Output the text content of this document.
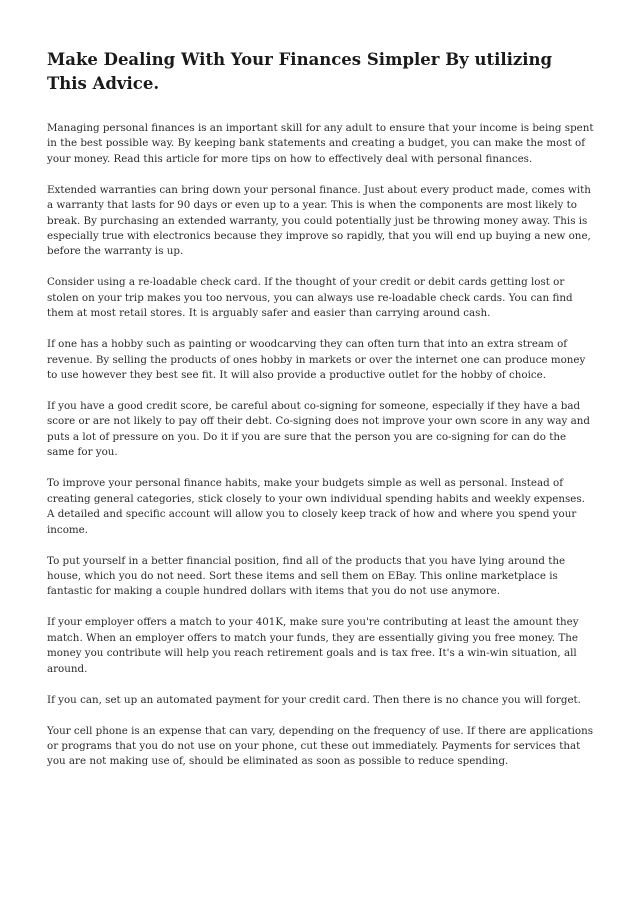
Make Dealing With Your Finances Simpler By utilizing This Advice.

Managing personal finances is an important skill for any adult to ensure that your income is being spent in the best possible way. By keeping bank statements and creating a budget, you can make the most of your money. Read this article for more tips on how to effectively deal with personal finances.

Extended warranties can bring down your personal finance. Just about every product made, comes with a warranty that lasts for 90 days or even up to a year. This is when the components are most likely to break. By purchasing an extended warranty, you could potentially just be throwing money away. This is especially true with electronics because they improve so rapidly, that you will end up buying a new one, before the warranty is up.

Consider using a re-loadable check card. If the thought of your credit or debit cards getting lost or stolen on your trip makes you too nervous, you can always use re-loadable check cards. You can find them at most retail stores. It is arguably safer and easier than carrying around cash.

If one has a hobby such as painting or woodcarving they can often turn that into an extra stream of revenue. By selling the products of ones hobby in markets or over the internet one can produce money to use however they best see fit. It will also provide a productive outlet for the hobby of choice.

If you have a good credit score, be careful about co-signing for someone, especially if they have a bad score or are not likely to pay off their debt. Co-signing does not improve your own score in any way and puts a lot of pressure on you. Do it if you are sure that the person you are co-signing for can do the same for you.

To improve your personal finance habits, make your budgets simple as well as personal. Instead of creating general categories, stick closely to your own individual spending habits and weekly expenses. A detailed and specific account will allow you to closely keep track of how and where you spend your income.

To put yourself in a better financial position, find all of the products that you have lying around the house, which you do not need. Sort these items and sell them on EBay. This online marketplace is fantastic for making a couple hundred dollars with items that you do not use anymore.

If your employer offers a match to your 401K, make sure you're contributing at least the amount they match. When an employer offers to match your funds, they are essentially giving you free money. The money you contribute will help you reach retirement goals and is tax free. It's a win-win situation, all around.

If you can, set up an automated payment for your credit card. Then there is no chance you will forget.

Your cell phone is an expense that can vary, depending on the frequency of use. If there are applications or programs that you do not use on your phone, cut these out immediately. Payments for services that you are not making use of, should be eliminated as soon as possible to reduce spending.
